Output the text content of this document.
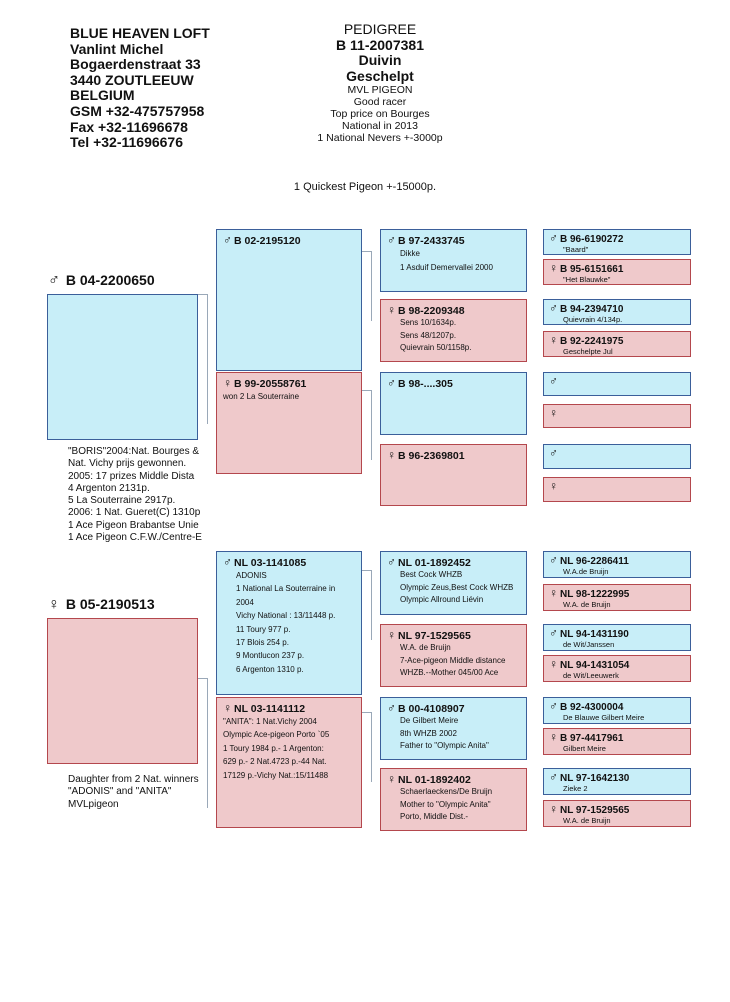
BLUE HEAVEN LOFT
Vanlint Michel
Bogaerdenstraat 33
3440 ZOUTLEEUW
BELGIUM
GSM +32-475757958
Fax +32-11696678
Tel +32-11696676
PEDIGREE
B 11-2007381
Duivin
Geschelpt
MVL PIGEON
Good racer
Top price on Bourges
National in 2013
1 National Nevers +-3000p
1 Quickest Pigeon +-15000p.
♂ B 04-2200650
"BORIS"2004:Nat. Bourges &
Nat. Vichy prijs gewonnen.
2005: 17 prizes Middle Dista
4 Argenton 2131p.
5 La Souterraine 2917p.
2006: 1 Nat. Gueret(C) 1310p
1 Ace Pigeon Brabantse Unie
1 Ace Pigeon C.F.W./Centre-E
♀ B 05-2190513
Daughter from 2 Nat. winners
"ADONIS" and "ANITA"
MVLpigeon
♂ B 02-2195120
♀ B 99-20558761
won 2 La Souterraine
♂ NL 03-1141085
ADONIS
1 National La Souterraine in
2004
Vichy National : 13/11448 p.
11 Toury 977 p.
17 Blois 254 p.
9 Montlucon 237 p.
6 Argenton 1310 p.
♀ NL 03-1141112
"ANITA": 1 Nat.Vichy 2004
Olympic Ace-pigeon Porto `05
1 Toury 1984 p.- 1 Argenton:
629 p.- 2 Nat.4723 p.-44 Nat.
17129 p.-Vichy Nat.:15/11488
♂ B 97-2433745
Dikke
1 Asduif Demervallei 2000
♀ B 98-2209348
Sens 10/1634p.
Sens 48/1207p.
Quievrain 50/1158p.
♂ B 98-....305
♀ B 96-2369801
♂ NL 01-1892452
Best Cock WHZB
Olympic Zeus,Best Cock WHZB
Olympic Allround Liévin
♀ NL 97-1529565
W.A. de Bruijn
7-Ace-pigeon Middle distance
WHZB.--Mother 045/00 Ace
♂ B 00-4108907
De Gilbert Meire
8th WHZB 2002
Father to "Olympic Anita"
♀ NL 01-1892402
Schaerlaeckens/De Bruijn
Mother to "Olympic Anita"
Porto, Middle Dist.-
♂ B 96-6190272
"Baard"
♀ B 95-6151661
"Het Blauwke"
♂ B 94-2394710
Quievrain 4/134p.
♀ B 92-2241975
Geschelpte Jul
♂
♀
♂
♀
♂ NL 96-2286411
W.A.de Bruijn
♀ NL 98-1222995
W.A. de Bruijn
♂ NL 94-1431190
de Wit/Janssen
♀ NL 94-1431054
de Wit/Leeuwerk
♂ B 92-4300004
De Blauwe Gilbert Meire
♀ B 97-4417961
Gilbert Meire
♂ NL 97-1642130
Zieke 2
♀ NL 97-1529565
W.A. de Bruijn
